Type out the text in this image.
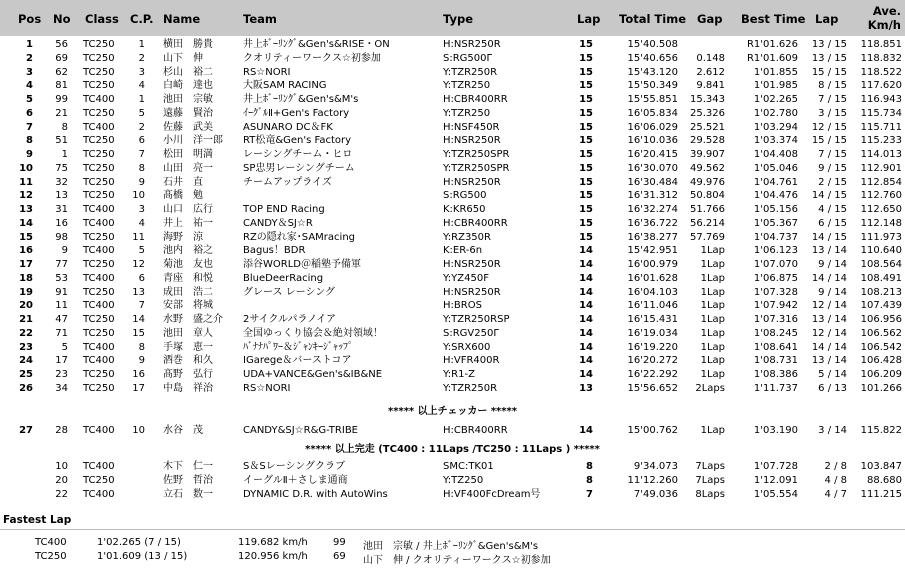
Pos No Class C.P. Name	Team	Type	Lap Total Time Gap Best Time Lap
Ave.
Km/h
1 56 TC250 1 横田　勝貴	井上ﾎﾞｰﾘﾝｸﾞ&Gen's&RISE・ON	H:NSR250R	15	15'40.508	R1'01.626 13 / 15 118.851
2 69 TC250 2 山下　伸	クオリティーワークス☆初参加	S:RG500Γ	15	15'40.656 0.148 R1'01.609 13 / 15 118.832
3 62 TC250 3 杉山　裕二	RS☆NORI	Y:TZR250R	15	15'43.120 2.612	1'01.855 15 / 15 118.522
4 81 TC250 4 白崎　達也	大阪SAM RACING	Y:TZR250	15	15'50.349 9.841	1'01.985 8 / 15 117.620
5 99 TC400 1 池田　宗敏	井上ﾎﾞｰﾘﾝｸﾞ&Gen's&M's	H:CBR400RR	15	15'55.851 15.343	1'02.265 7 / 15 116.943
6 21 TC250 5 遠藤　賢治	ｲｰｸﾞﾙⅡ+Gen's Factory	Y:TZR250	15	16'05.834 25.326	1'02.780 3 / 15 115.734
7	8 TC400 2 佐藤　武美	ASUNARO DC＆FK	H:NSF450R	15	16'06.029 25.521	1'03.294 12 / 15 115.711
8 51 TC250 6 小川　洋一郎 RT松竜&Gen's Factory	H:NSR250R	15	16'10.036 29.528	1'03.374 15 / 15 115.233
9	1 TC250 7 松田　明満	レーシングチーム・ヒロ	Y:TZR250SPR	15	16'20.415 39.907	1'04.408 7 / 15 114.013
10 75 TC250 8 山田　亮一	SP忠男レーシングチーム	Y:TZR250SPR	15	16'30.070 49.562	1'05.046 9 / 15 112.901
11 32 TC250 9 石井　直	チームアップライズ	H:NSR250R	15	16'30.484 49.976	1'04.761 2 / 15 112.854
12 13 TC250 10 髙橋　勉	S:RG500	15	16'31.312 50.804	1'04.476 14 / 15 112.760
13 31 TC400 3 山口　広行	TOP END Racing	K:KR650	15	16'32.274 51.766	1'05.156 4 / 15 112.650
14 16 TC400 4 井上　祐一	CANDY＆SJ☆R	H:CBR400RR	15	16'36.722 56.214	1'05.367 6 / 15 112.148
15 98 TC250 11 海野　涼	RZの隠れ家･SAMracing	Y:RZ350R	15	16'38.277 57.769	1'04.737 14 / 15 111.973
16	9 TC400 5 池内　裕之	Bagus！BDR	K:ER-6n	14	15'42.951 1Lap	1'06.123 13 / 14 110.640
17 77 TC250 12 菊池　友也	添谷WORLD＠稲塾予備軍	H:NSR250R	14	16'00.979 1Lap	1'07.070 9 / 14 108.564
18 53 TC400 6 青座　和悦	BlueDeerRacing	Y:YZ450F	14	16'01.628 1Lap	1'06.875 14 / 14 108.491
19 91 TC250 13 成田　浩二	グレース レーシング	H:NSR250R	14	16'04.103 1Lap	1'07.328 9 / 14 108.213
20 11 TC400 7 安部　将城	H:BROS	14	16'11.046 1Lap	1'07.942 12 / 14 107.439
21 47 TC250 14 水野　盛之介 2サイクルパラノイア	Y:TZR250RSP	14	16'15.431 1Lap	1'07.316 13 / 14 106.956
22 71 TC250 15 池田　章人	全国ゆっくり協会＆絶対領域！	S:RGV250Γ	14	16'19.034 1Lap	1'08.245 12 / 14 106.562
23	5 TC400 8 手塚　恵一	ﾊﾞﾅﾅﾊﾟﾜｰ＆ｼﾞｬﾝｷｰｼﾞｬｯﾌﾟ	Y:SRX600	14	16'19.220 1Lap	1'08.641 14 / 14 106.542
24 17 TC400 9 酒巻　和久	IGarege＆バーストコア	H:VFR400R	14	16'20.272 1Lap	1'08.731 13 / 14 106.428
25 23 TC250 16 髙野　弘行	UDA+VANCE&Gen's&IB&NE	Y:R1-Z	14	16'22.292 1Lap	1'08.386 5 / 14 106.209
26 34 TC250 17 中島　祥治	RS☆NORI	Y:TZR250R	13	15'56.652 2Laps	1'11.737 6 / 13 101.266
27 28 TC400 10 水谷　茂	CANDY&SJ☆R&G-TRIBE	H:CBR400RR	14	15'00.762 1Lap	1'03.190 3 / 14 115.822
10 TC400	木下　仁一	S＆Sレーシングクラブ	SMC:TK01	8	9'34.073 7Laps	1'07.728	2 / 8 103.847
20 TC250	佐野　哲治	イーグルⅡ＋さしま通商	Y:TZ250	8	11'12.260 7Laps	1'12.091	4 / 8 88.680
22 TC400	立石　数一	DYNAMIC D.R. with AutoWins	H:VF400FcDream号	7	7'49.036 8Laps	1'05.554	4 / 7 111.215
***** 以上チェッカー *****
***** 以上完走 (TC400 : 11Laps /TC250 : 11Laps ) *****
Fastest Lap
TC400	1'02.265 (7 / 15)	119.682 km/h	99 池田　宗敏 / 井上ﾎﾞｰﾘﾝｸﾞ&Gen's&M's
TC250	1'01.609 (13 / 15)	120.956 km/h	69 山下　伸 / クオリティーワークス☆初参加
